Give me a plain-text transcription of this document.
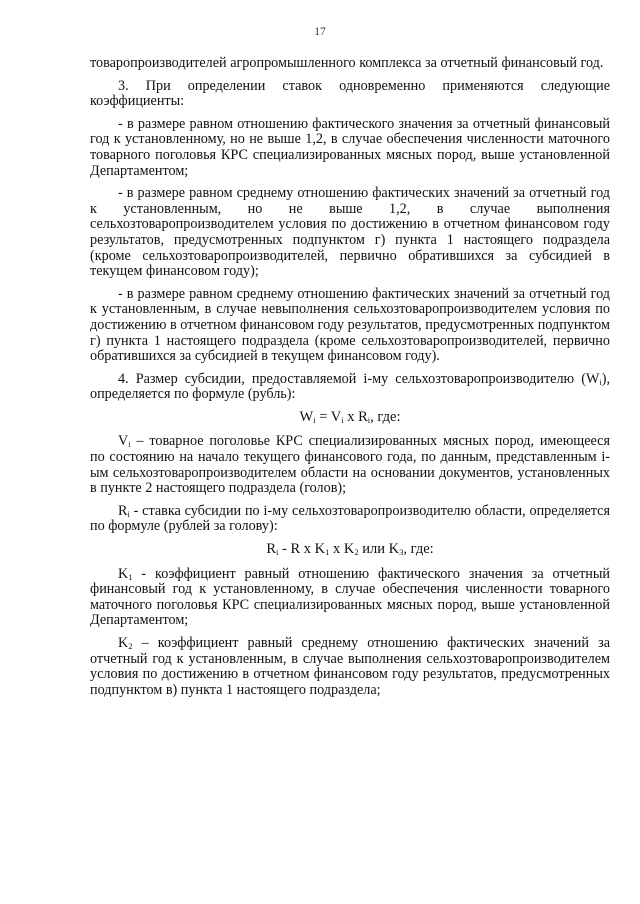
17

товаропроизводителей агропромышленного комплекса за отчетный финансовый год.

3. При определении ставок одновременно применяются следующие коэффициенты:

- в размере равном отношению фактического значения за отчетный финансовый год к установленному, но не выше 1,2, в случае обеспечения численности маточного товарного поголовья КРС специализированных мясных пород, выше установленной Департаментом;

- в размере равном среднему отношению фактических значений за отчетный год к установленным, но не выше 1,2, в случае выполнения сельхозтоваропроизводителем условия по достижению в отчетном финансовом году результатов, предусмотренных подпунктом г) пункта 1 настоящего подраздела (кроме сельхозтоваропроизводителей, первично обратившихся за субсидией в текущем финансовом году);

- в размере равном среднему отношению фактических значений за отчетный год к установленным, в случае невыполнения сельхозтоваропроизводителем условия по достижению в отчетном финансовом году результатов, предусмотренных подпунктом г) пункта 1 настоящего подраздела (кроме сельхозтоваропроизводителей, первично обратившихся за субсидией в текущем финансовом году).

4. Размер субсидии, предоставляемой i-му сельхозтоваропроизводителю $(W_i)$, определяется по формуле (рубль):

$W_i = V_i$ x $R_i$, где:

$V_i$ – товарное поголовье КРС специализированных мясных пород, имеющееся по состоянию на начало текущего финансового года, по данным, представленным i-ым сельхозтоваропроизводителем области на основании документов, установленных в пункте 2 настоящего подраздела (голов);

$R_i$ - ставка субсидии по i-му сельхозтоваропроизводителю области, определяется по формуле (рублей за голову):

$R_i$ - R x $K_1$ x $K_2$ или $K_3$, где:

$K_1$ - коэффициент равный отношению фактического значения за отчетный финансовый год к установленному, в случае обеспечения численности товарного маточного поголовья КРС специализированных мясных пород, выше установленной Департаментом;

$K_2$ – коэффициент равный среднему отношению фактических значений за отчетный год к установленным, в случае выполнения сельхозтоваропроизводителем условия по достижению в отчетном финансовом году результатов, предусмотренных подпунктом в) пункта 1 настоящего подраздела;
